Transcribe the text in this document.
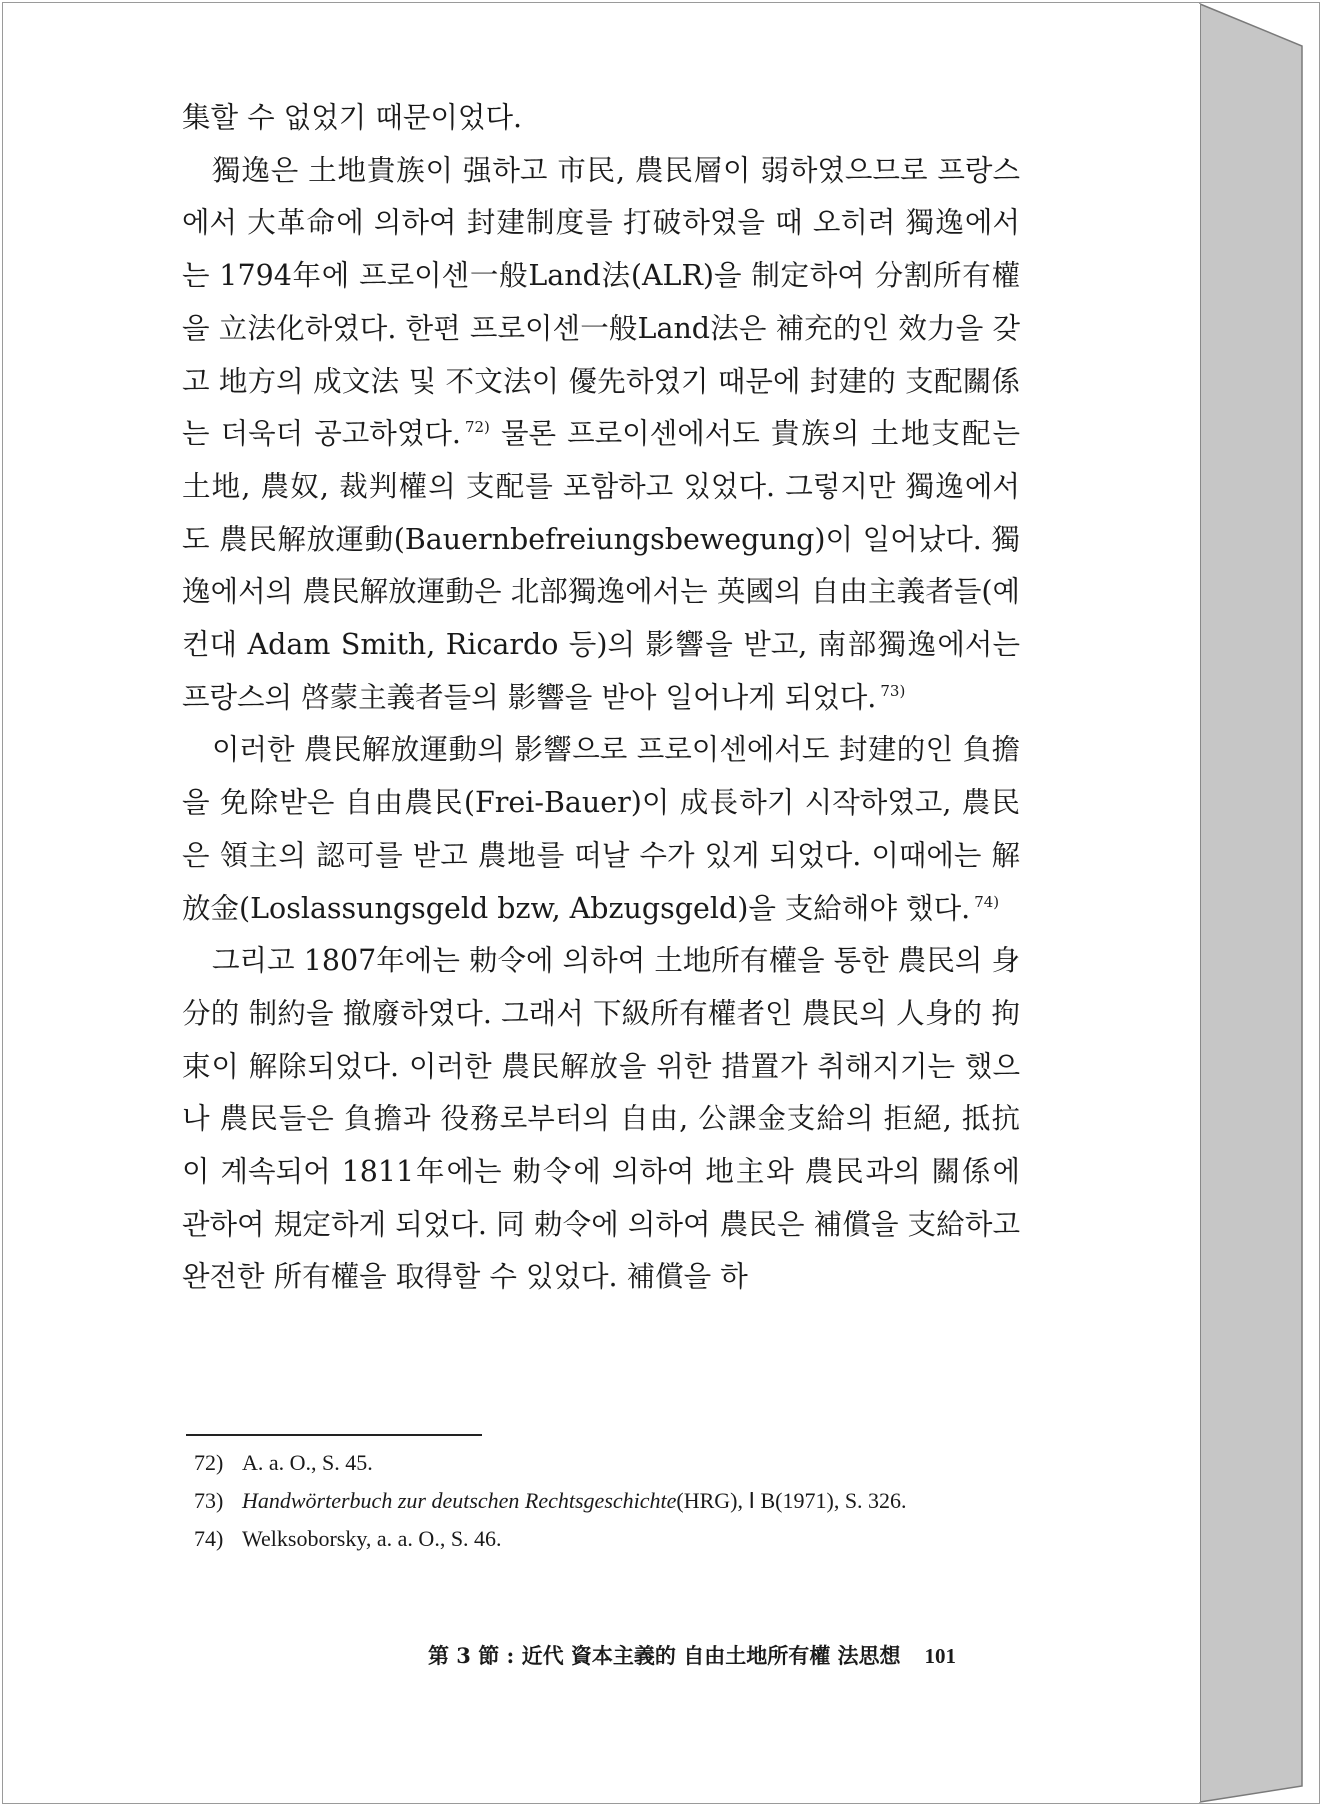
集할 수 없었기 때문이었다.

獨逸은 土地貴族이 强하고 市民, 農民層이 弱하였으므로 프랑스에서 大革命에 의하여 封建制度를 打破하였을 때 오히려 獨逸에서는 1794年에 프로이센一般Land法(ALR)을 制定하여 分割所有權을 立法化하였다. 한편 프로이센一般Land法은 補充的인 效力을 갖고 地方의 成文法 및 不文法이 優先하였기 때문에 封建的 支配關係는 더욱더 공고하였다. $^{72)}$ 물론 프로이센에서도 貴族의 土地支配는 土地, 農奴, 裁判權의 支配를 포함하고 있었다. 그렇지만 獨逸에서도 農民解放運動(Bauernbefreiungsbewegung)이 일어났다. 獨逸에서의 農民解放運動은 北部獨逸에서는 英國의 自由主義者들(예컨대 Adam Smith, Ricardo 등)의 影響을 받고, 南部獨逸에서는 프랑스의 啓蒙主義者들의 影響을 받아 일어나게 되었다. $^{73)}$

이러한 農民解放運動의 影響으로 프로이센에서도 封建的인 負擔을 免除받은 自由農民(Frei-Bauer)이 成長하기 시작하였고, 農民은 領主의 認可를 받고 農地를 떠날 수가 있게 되었다. 이때에는 解放金(Loslassungsgeld bzw, Abzugsgeld)을 支給해야 했다. $^{74)}$

그리고 1807年에는 勅令에 의하여 土地所有權을 통한 農民의 身分的 制約을 撤廢하였다. 그래서 下級所有權者인 農民의 人身的 拘束이 解除되었다. 이러한 農民解放을 위한 措置가 취해지기는 했으나 農民들은 負擔과 役務로부터의 自由, 公課金支給의 拒絕, 抵抗이 계속되어 1811年에는 勅令에 의하여 地主와 農民과의 關係에 관하여 規定하게 되었다. 同 勅令에 의하여 農民은 補償을 支給하고 완전한 所有權을 取得할 수 있었다. 補償을 하

72) A. a. O., S. 45.
73) Handwörterbuch zur deutschen Rechtsgeschichte(HRG), Ⅰ B(1971), S. 326.
74) Welksoborsky, a. a. O., S. 46.
第 3 節 : 近代 資本主義的 自由土地所有權 法思想 101
